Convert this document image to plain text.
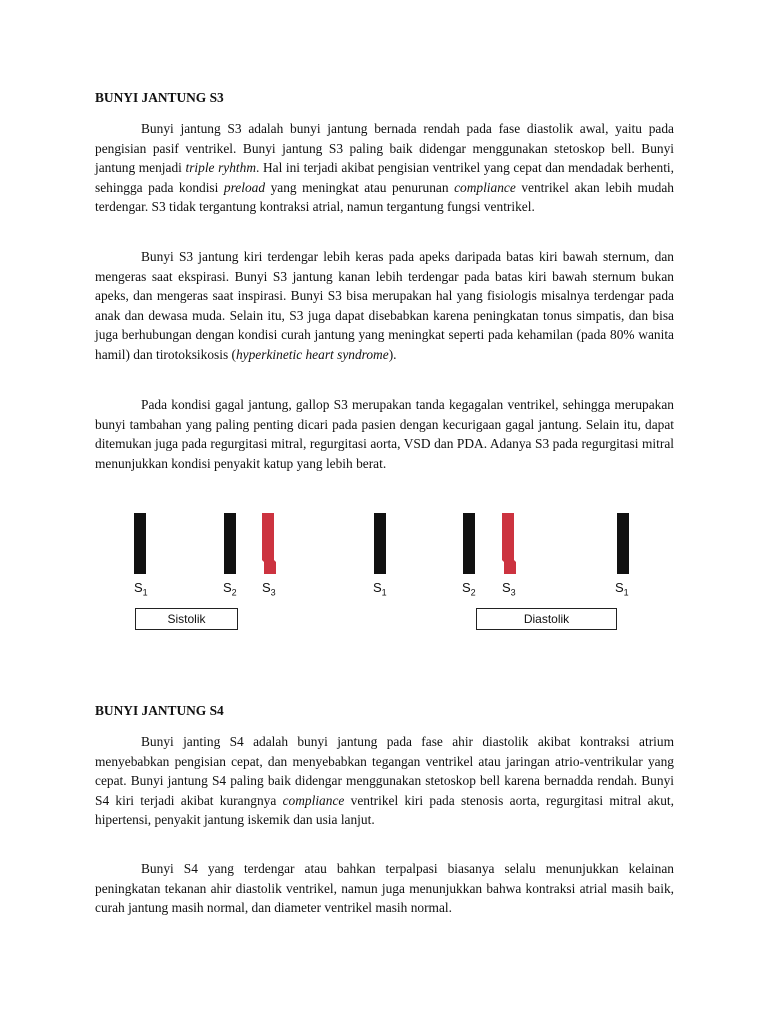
BUNYI JANTUNG S3

Bunyi jantung S3 adalah bunyi jantung bernada rendah pada fase diastolik awal, yaitu pada pengisian pasif ventrikel. Bunyi jantung S3 paling baik didengar menggunakan stetoskop bell. Bunyi jantung menjadi triple ryhthm. Hal ini terjadi akibat pengisian ventrikel yang cepat dan mendadak berhenti, sehingga pada kondisi preload yang meningkat atau penurunan compliance ventrikel akan lebih mudah terdengar. S3 tidak tergantung kontraksi atrial, namun tergantung fungsi ventrikel.

Bunyi S3 jantung kiri terdengar lebih keras pada apeks daripada batas kiri bawah sternum, dan mengeras saat ekspirasi. Bunyi S3 jantung kanan lebih terdengar pada batas kiri bawah sternum bukan apeks, dan mengeras saat inspirasi. Bunyi S3 bisa merupakan hal yang fisiologis misalnya terdengar pada anak dan dewasa muda. Selain itu, S3 juga dapat disebabkan karena peningkatan tonus simpatis, dan bisa juga berhubungan dengan kondisi curah jantung yang meningkat seperti pada kehamilan (pada 80% wanita hamil) dan tirotoksikosis (hyperkinetic heart syndrome).

Pada kondisi gagal jantung, gallop S3 merupakan tanda kegagalan ventrikel, sehingga merupakan bunyi tambahan yang paling penting dicari pada pasien dengan kecurigaan gagal jantung. Selain itu, dapat ditemukan juga pada regurgitasi mitral, regurgitasi aorta, VSD dan PDA. Adanya S3 pada regurgitasi mitral menunjukkan kondisi penyakit katup yang lebih berat.

$S_1$	$S_2$ $S_3$	$S_1$	$S_2$ $S_3$	$S_1$
Sistolik	Diastolik
BUNYI JANTUNG S4

Bunyi janting S4 adalah bunyi jantung pada fase ahir diastolik akibat kontraksi atrium menyebabkan pengisian cepat, dan menyebabkan tegangan ventrikel atau jaringan atrio-ventrikular yang cepat. Bunyi jantung S4 paling baik didengar menggunakan stetoskop bell karena bernadda rendah. Bunyi S4 kiri terjadi akibat kurangnya compliance ventrikel kiri pada stenosis aorta, regurgitasi mitral akut, hipertensi, penyakit jantung iskemik dan usia lanjut.

Bunyi S4 yang terdengar atau bahkan terpalpasi biasanya selalu menunjukkan kelainan peningkatan tekanan ahir diastolik ventrikel, namun juga menunjukkan bahwa kontraksi atrial masih baik, curah jantung masih normal, dan diameter ventrikel masih normal.
